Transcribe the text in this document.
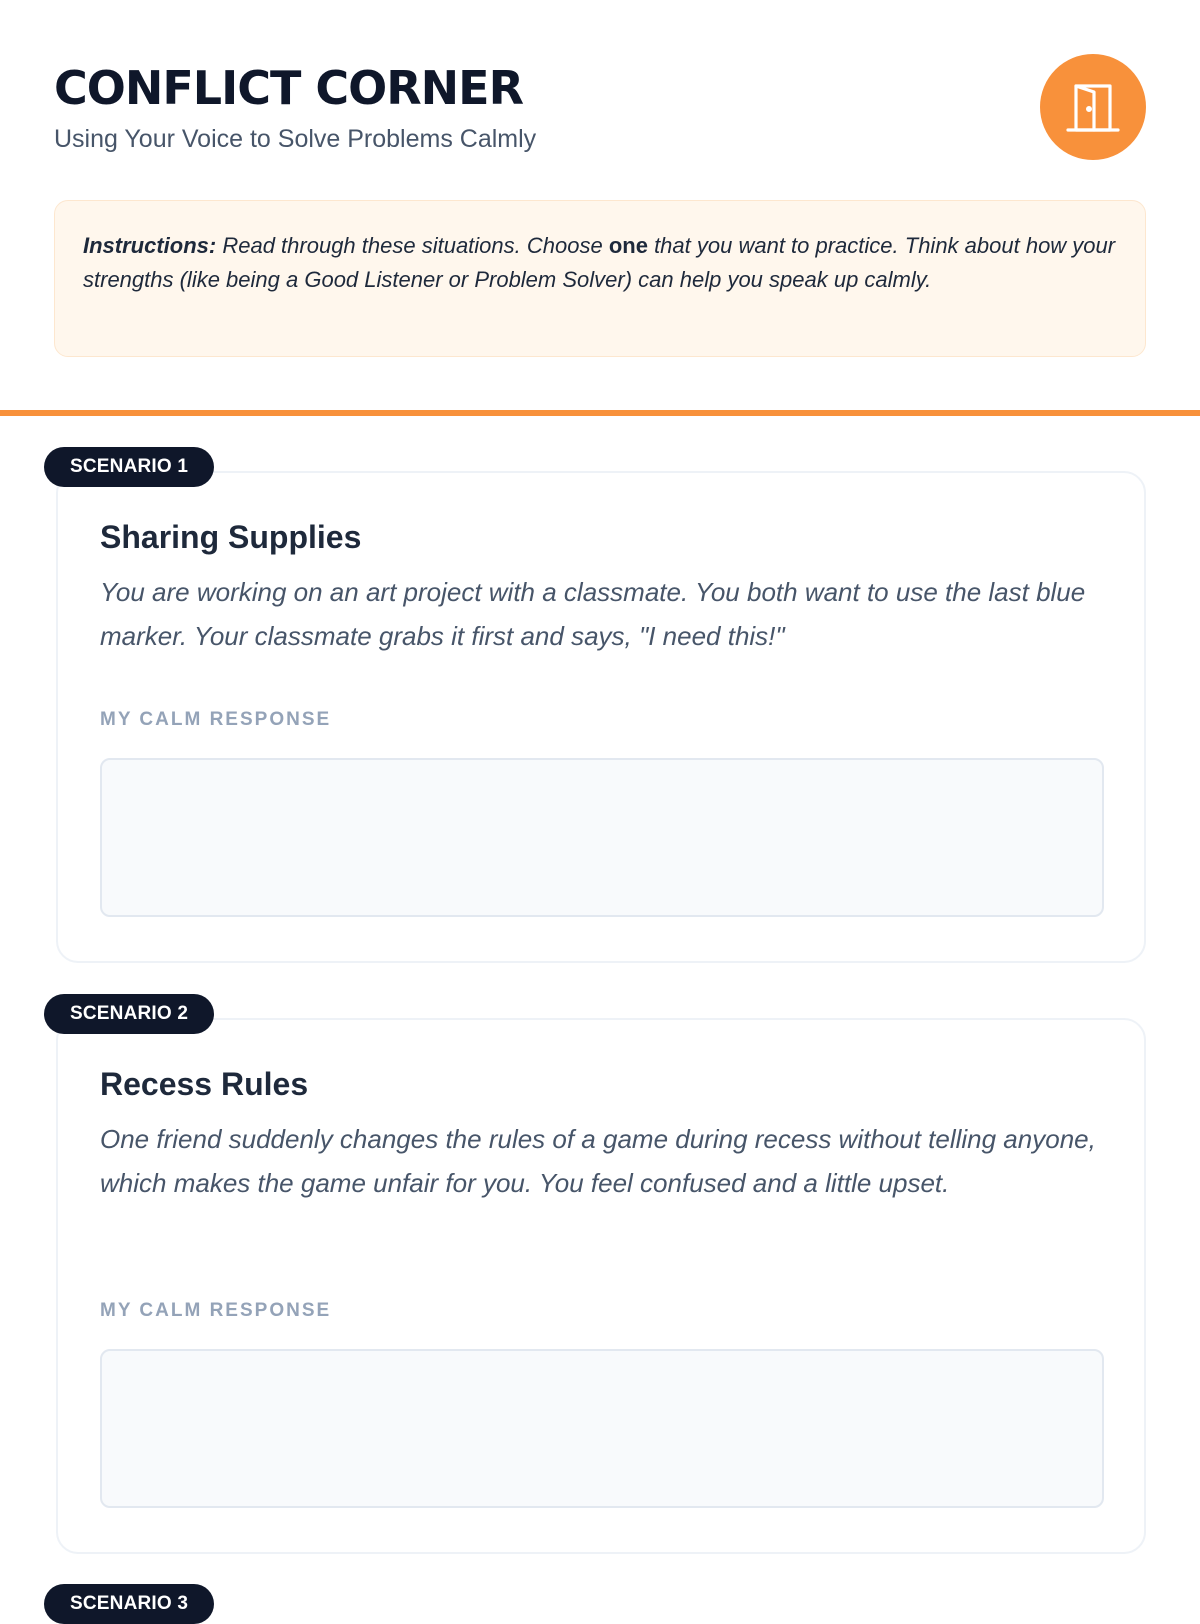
CONFLICT CORNER
Using Your Voice to Solve Problems Calmly
Instructions: Read through these situations. Choose one that you want to practice. Think about how your strengths (like being a Good Listener or Problem Solver) can help you speak up calmly.
SCENARIO 1
Sharing Supplies
You are working on an art project with a classmate. You both want to use the last blue marker. Your classmate grabs it first and says, "I need this!"
MY CALM RESPONSE
SCENARIO 2
Recess Rules
One friend suddenly changes the rules of a game during recess without telling anyone, which makes the game unfair for you. You feel confused and a little upset.
MY CALM RESPONSE
SCENARIO 3
